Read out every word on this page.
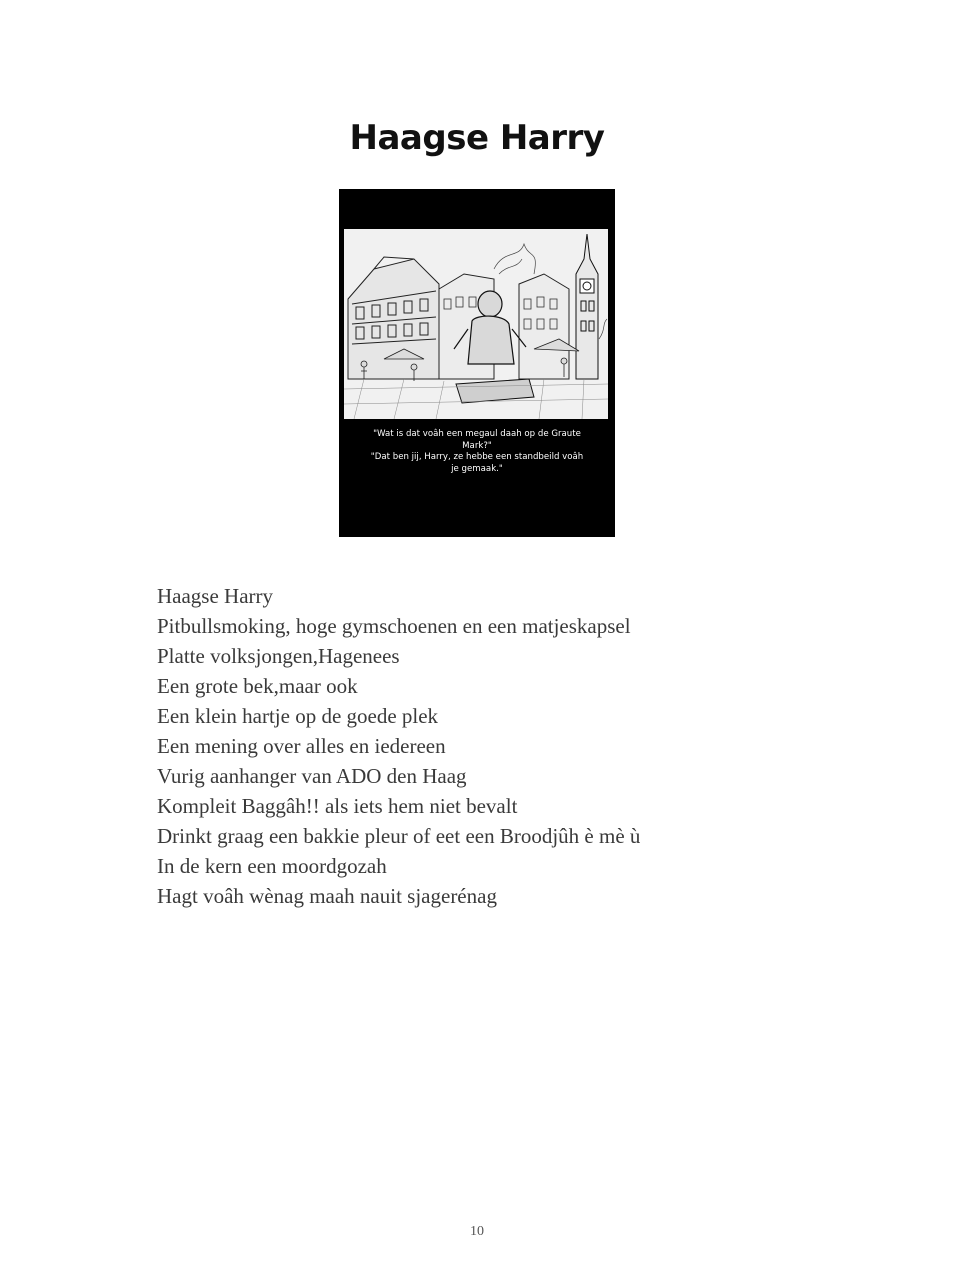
Haagse Harry
"Wat is dat voâh een megaul daah op de Graute
Mark?"
"Dat ben jĳ, Harry, ze hebbe een standbeild voâh
je gemaak."
Haagse Harry
Pitbullsmoking, hoge gymschoenen en een matjeskapsel
Platte volksjongen,Hagenees
Een grote bek,maar ook
Een klein hartje op de goede plek
Een mening over alles en iedereen
Vurig aanhanger van ADO den Haag
Kompleit Baggâh!! als iets hem niet bevalt
Drinkt graag een bakkie pleur of eet een Broodjûh è mè ù
In de kern een moordgozah
Hagt voâh wènag maah nauit sjagerénag
10
